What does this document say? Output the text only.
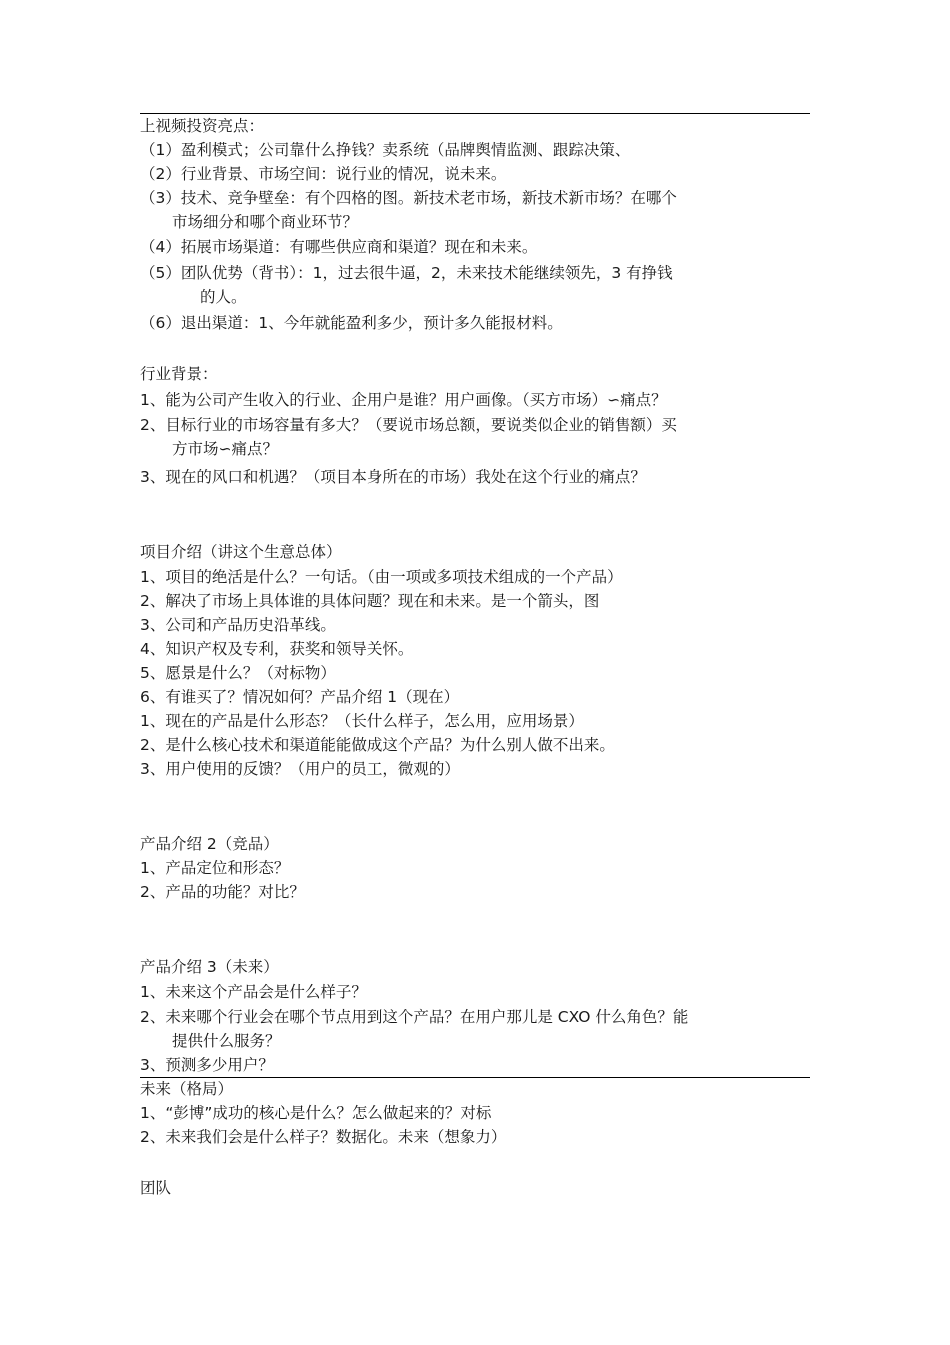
上视频投资亮点：
（1）盈利模式；公司靠什么挣钱？卖系统（品牌舆情监测、跟踪决策、
（2）行业背景、市场空间：说行业的情况，说未来。
（3）技术、竞争壁垒：有个四格的图。新技术老市场，新技术新市场？在哪个
市场细分和哪个商业环节？
（4）拓展市场渠道：有哪些供应商和渠道？现在和未来。
（5）团队优势（背书）：1，过去很牛逼，2，未来技术能继续领先，3 有挣钱
的人。
（6）退出渠道：1、今年就能盈利多少，预计多久能报材料。
行业背景：
1、能为公司产生收入的行业、企用户是谁？用户画像。（买方市场）∽痛点？
2、目标行业的市场容量有多大？（要说市场总额，要说类似企业的销售额）买
方市场∽痛点？
3、现在的风口和机遇？（项目本身所在的市场）我处在这个行业的痛点？
项目介绍（讲这个生意总体）
1、项目的绝活是什么？一句话。（由一项或多项技术组成的一个产品）
2、解决了市场上具体谁的具体问题？现在和未来。是一个箭头，图
3、公司和产品历史沿革线。
4、知识产权及专利，获奖和领导关怀。
5、愿景是什么？（对标物）
6、有谁买了？情况如何？产品介绍 1（现在）
1、现在的产品是什么形态？（长什么样子，怎么用，应用场景）
2、是什么核心技术和渠道能能做成这个产品？为什么别人做不出来。
3、用户使用的反馈？（用户的员工，微观的）
产品介绍 2（竞品）
1、产品定位和形态？
2、产品的功能？对比？
产品介绍 3（未来）
1、未来这个产品会是什么样子？
2、未来哪个行业会在哪个节点用到这个产品？在用户那儿是 CXO 什么角色？能
提供什么服务？
3、预测多少用户？
未来（格局）
1、“彭博”成功的核心是什么？怎么做起来的？对标
2、未来我们会是什么样子？数据化。未来（想象力）
团队
